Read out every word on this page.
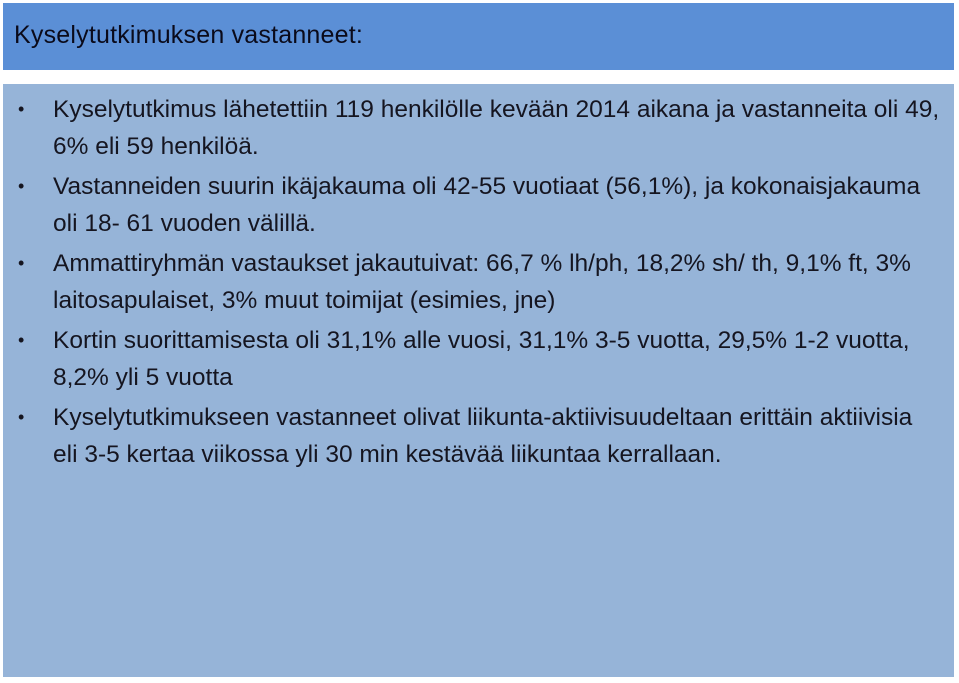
Kyselytutkimuksen vastanneet:
• Kyselytutkimus lähetettiin 119 henkilölle kevään 2014 aikana ja vastanneita oli 49, 6% eli 59 henkilöä.
• Vastanneiden suurin ikäjakauma oli 42-55 vuotiaat (56,1%), ja kokonaisjakauma oli 18- 61 vuoden välillä.
• Ammattiryhmän vastaukset jakautuivat: 66,7 % lh/ph, 18,2% sh/ th, 9,1% ft, 3% laitosapulaiset, 3% muut toimijat (esimies, jne)
• Kortin suorittamisesta oli 31,1% alle vuosi, 31,1% 3-5 vuotta, 29,5% 1-2 vuotta, 8,2% yli 5 vuotta
• Kyselytutkimukseen vastanneet olivat liikunta-aktiivisuudeltaan erittäin aktiivisia eli 3-5 kertaa viikossa yli 30 min kestävää liikuntaa kerrallaan.
